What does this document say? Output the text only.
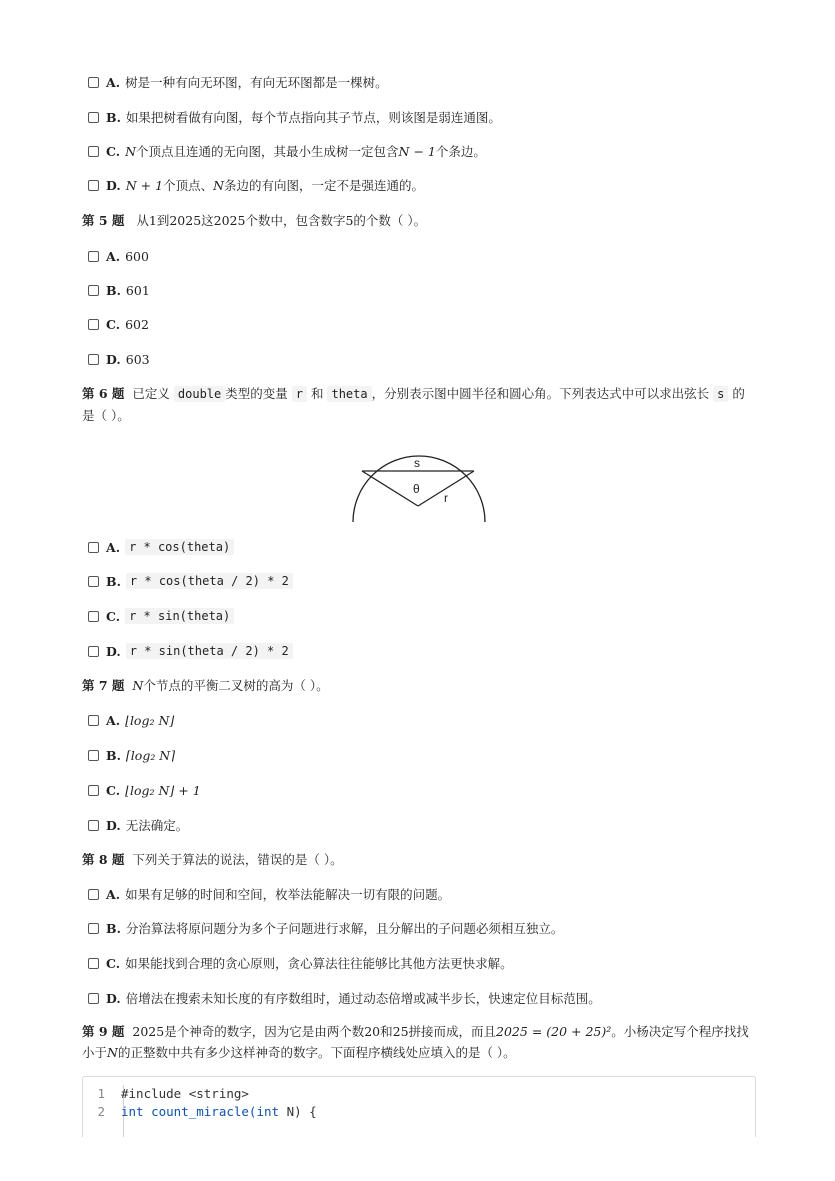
A. 树是一种有向无环图，有向无环图都是一棵树。
B. 如果把树看做有向图，每个节点指向其子节点，则该图是弱连通图。
C. N 个顶点且连通的无向图，其最小生成树一定包含 N − 1 个条边。
D. N + 1 个顶点、 N 条边的有向图，一定不是强连通的。
第 5 题 从1到2025这2025个数中，包含数字5的个数（ ）。
A. 600
B. 601
C. 602
D. 603
第 6 题 已定义 double 类型的变量 r 和 theta ，分别表示图中圆半径和圆心角。下列表达式中可以求出弦长 s 的
是（ ）。
s
θ
r
A. r * cos(theta)
B. r * cos(theta / 2) * 2
C. r * sin(theta)
D. r * sin(theta / 2) * 2
第 7 题 N个节点的平衡二叉树的高为（ ）。
A. ⌊log₂ N⌋
B. ⌈log₂ N⌉
C. ⌊log₂ N⌋ + 1
D. 无法确定。
第 8 题 下列关于算法的说法，错误的是（ ）。
A. 如果有足够的时间和空间，枚举法能解决一切有限的问题。
B. 分治算法将原问题分为多个子问题进行求解，且分解出的子问题必须相互独立。
C. 如果能找到合理的贪心原则，贪心算法往往能够比其他方法更快求解。
D. 倍增法在搜索未知长度的有序数组时，通过动态倍增或减半步长，快速定位目标范围。
第 9 题 2025是个神奇的数字，因为它是由两个数20和25拼接而成，而且2025 = (20 + 25)²。小杨决定写个程序找找
小于N的正整数中共有多少这样神奇的数字。下面程序横线处应填入的是（ ）。
1	#include <string>
2	int count_miracle(int N) {
